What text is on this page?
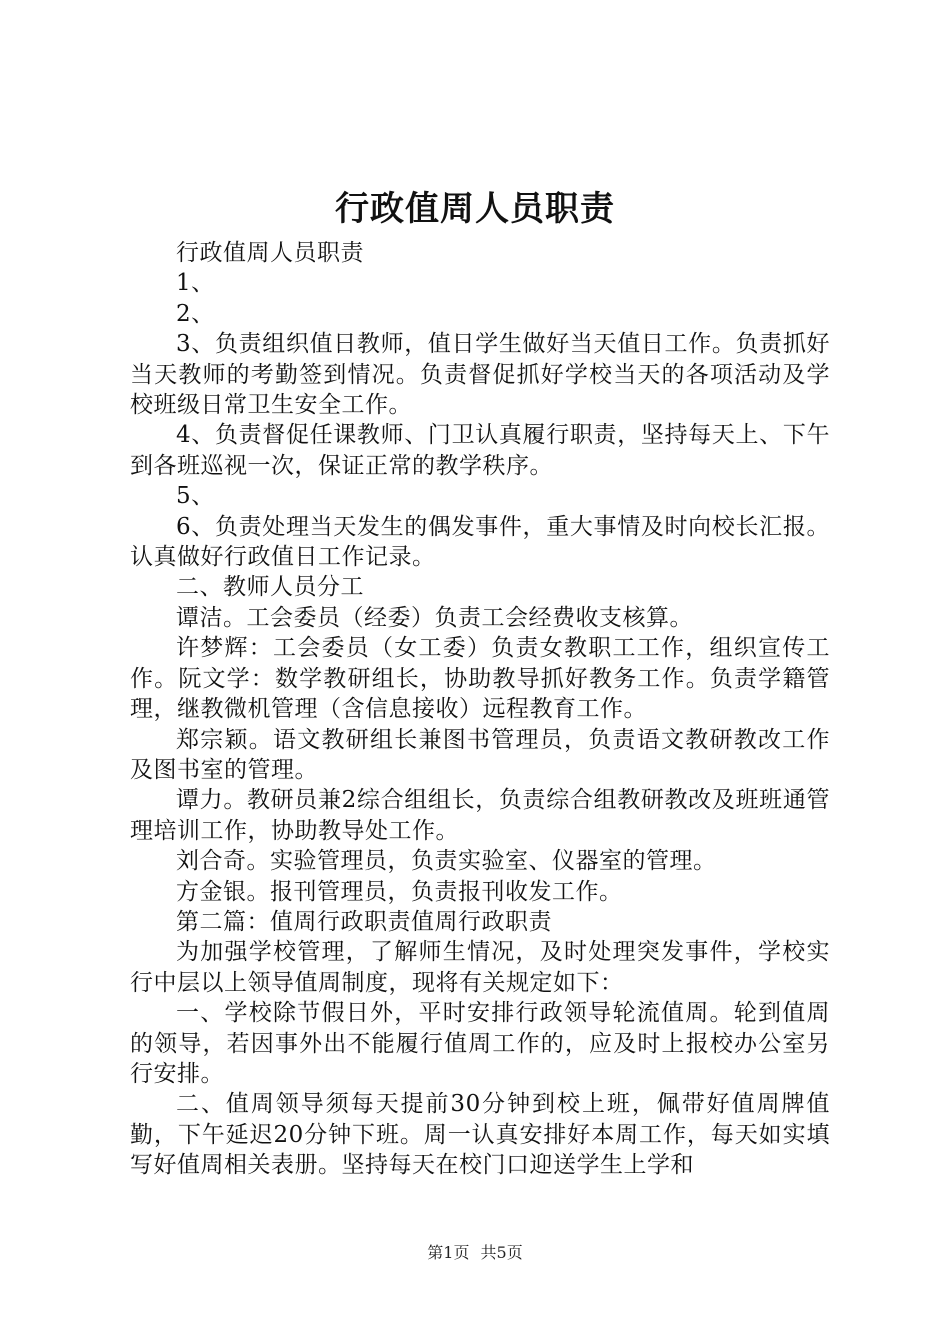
行政值周人员职责

行政值周人员职责

1、

2、

3、负责组织值日教师，值日学生做好当天值日工作。负责抓好当天教师的考勤签到情况。负责督促抓好学校当天的各项活动及学校班级日常卫生安全工作。

4、负责督促任课教师、门卫认真履行职责，坚持每天上、下午到各班巡视一次，保证正常的教学秩序。

5、

6、负责处理当天发生的偶发事件，重大事情及时向校长汇报。认真做好行政值日工作记录。

二、教师人员分工

谭洁。工会委员（经委）负责工会经费收支核算。

许梦辉：工会委员（女工委）负责女教职工工作，组织宣传工作。阮文学：数学教研组长，协助教导抓好教务工作。负责学籍管理，继教微机管理（含信息接收）远程教育工作。

郑宗颖。语文教研组长兼图书管理员，负责语文教研教改工作及图书室的管理。

谭力。教研员兼2综合组组长，负责综合组教研教改及班班通管理培训工作，协助教导处工作。

刘合奇。实验管理员，负责实验室、仪器室的管理。

方金银。报刊管理员，负责报刊收发工作。

第二篇：值周行政职责值周行政职责

为加强学校管理，了解师生情况，及时处理突发事件，学校实行中层以上领导值周制度，现将有关规定如下：

一、学校除节假日外，平时安排行政领导轮流值周。轮到值周的领导，若因事外出不能履行值周工作的，应及时上报校办公室另行安排。

二、值周领导须每天提前30分钟到校上班，佩带好值周牌值勤，下午延迟20分钟下班。周一认真安排好本周工作，每天如实填写好值周相关表册。坚持每天在校门口迎送学生上学和

第1页 共5页
